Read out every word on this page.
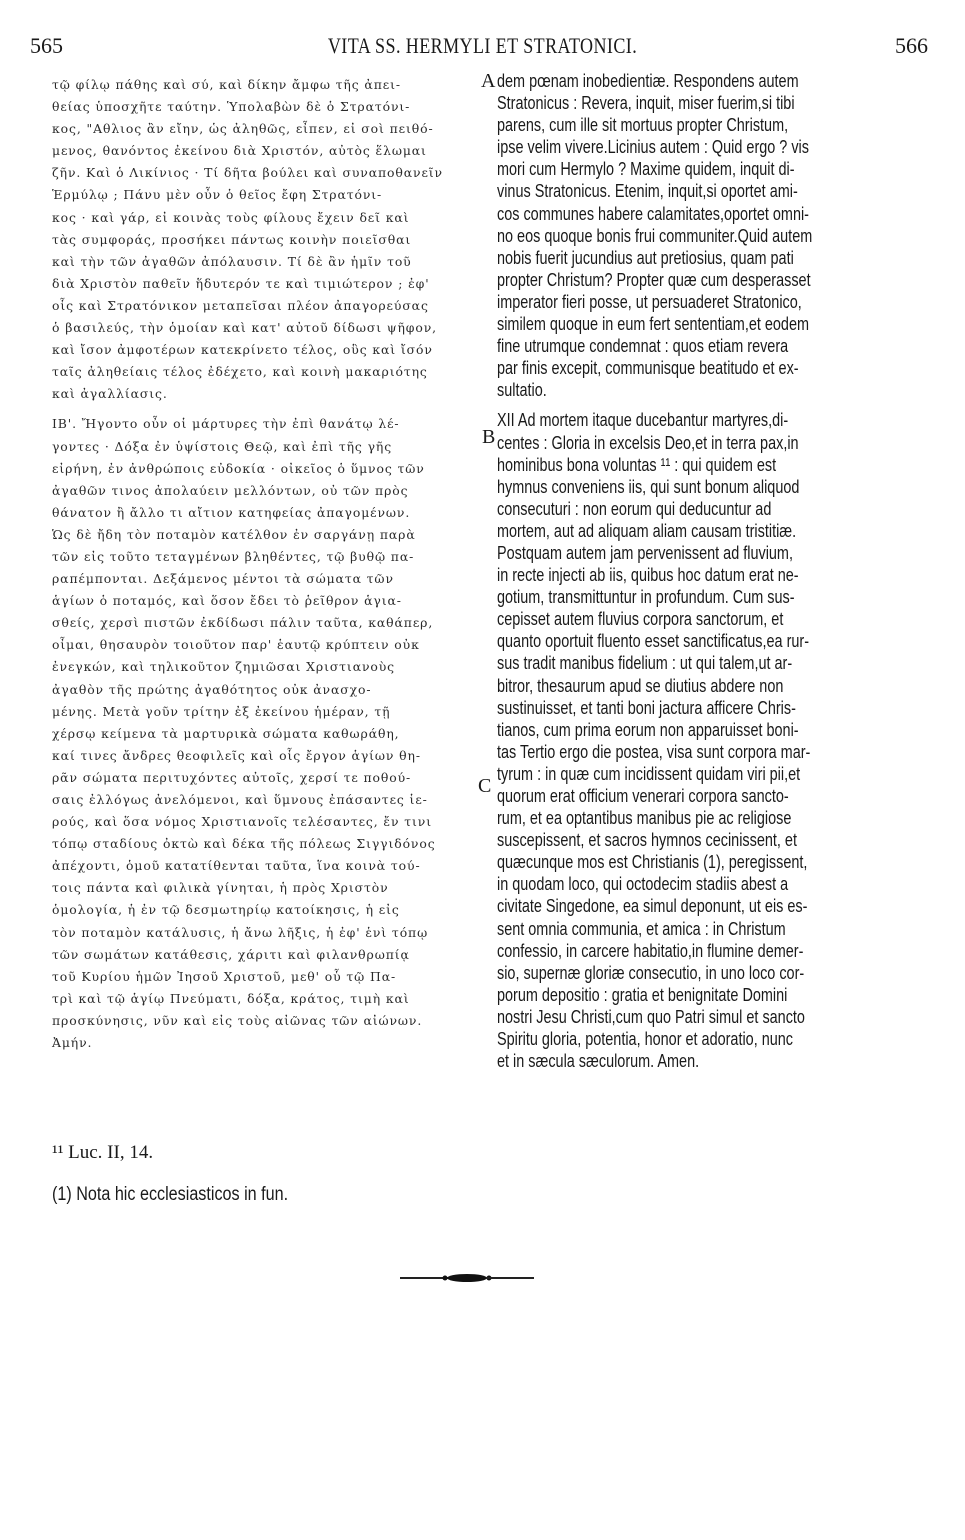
565	VITA SS. HERMYLI ET STRATONICI.	566
τῷ φίλῳ πάθης καὶ σύ, καὶ δίκην ἄμφω τῆς ἀπει-
θείας ὑποσχῆτε ταύτην. Ὑπολαβὼν δὲ ὁ Στρατόνι-
κος, "Αθλιος ἂν εἴην, ὡς ἀληθῶς, εἶπεν, εἰ σοὶ πειθό-
μενος, θανόντος ἐκείνου διὰ Χριστόν, αὐτὸς ἕλωμαι
ζῆν. Καὶ ὁ Λικίνιος · Τί δῆτα βούλει καὶ συναποθανεῖν
Ἑρμύλῳ ; Πάνυ μὲν οὖν ὁ θεῖος ἔφη Στρατόνι-
κος · καὶ γάρ, εἰ κοινὰς τοὺς φίλους ἔχειν δεῖ καὶ
τὰς συμφοράς, προσήκει πάντως κοινὴν ποιεῖσθαι
καὶ τὴν τῶν ἀγαθῶν ἀπόλαυσιν. Τί δὲ ἂν ἡμῖν τοῦ
διὰ Χριστὸν παθεῖν ἥδυτερόν τε καὶ τιμιώτερον ; ἐφ'
οἷς καὶ Στρατόνικον μεταπεῖσαι πλέον ἀπαγορεύσας
ὁ βασιλεύς, τὴν ὁμοίαν καὶ κατ' αὐτοῦ δίδωσι ψῆφον,
καὶ ἴσον ἀμφοτέρων κατεκρίνετο τέλος, οὓς καὶ ἴσόν
ταῖς ἀληθείαις τέλος ἐδέχετο, καὶ κοινὴ μακαριότης
καὶ ἀγαλλίασις.
IB'. Ἤγοντο οὖν οἱ μάρτυρες τὴν ἐπὶ θανάτῳ λέ-
γοντες · Δόξα ἐν ὑψίστοις Θεῷ, καὶ ἐπὶ τῆς γῆς
εἰρήνη, ἐν ἀνθρώποις εὐδοκία · οἰκεῖος ὁ ὕμνος τῶν
ἀγαθῶν τινος ἀπολαύειν μελλόντων, οὐ τῶν πρὸς
θάνατον ἢ ἄλλο τι αἴτιον κατηφείας ἀπαγομένων.
Ὡς δὲ ἤδη τὸν ποταμὸν κατέλθον ἐν σαργάνῃ παρὰ
τῶν εἰς τοῦτο τεταγμένων βληθέντες, τῷ βυθῷ πα-
ραπέμπονται. Δεξάμενος μέντοι τὰ σώματα τῶν
ἁγίων ὁ ποταμός, καὶ ὅσον ἔδει τὸ ῥεῖθρον ἁγια-
σθείς, χερσὶ πιστῶν ἐκδίδωσι πάλιν ταῦτα, καθάπερ,
οἶμαι, θησαυρὸν τοιοῦτον παρ' ἑαυτῷ κρύπτειν οὐκ
ἐνεγκών, καὶ τηλικοῦτον ζημιῶσαι Χριστιανοὺς
ἀγαθὸν τῆς πρώτης ἀγαθότητος οὐκ ἀνασχο-
μένης. Μετὰ γοῦν τρίτην ἐξ ἐκείνου ἡμέραν, τῇ
χέρσῳ κείμενα τὰ μαρτυρικὰ σώματα καθωράθη,
καί τινες ἄνδρες θεοφιλεῖς καὶ οἷς ἔργον ἁγίων θη-
ρᾶν σώματα περιτυχόντες αὐτοῖς, χερσί τε ποθού-
σαις ἐλλόγως ἀνελόμενοι, καὶ ὕμνους ἐπάσαντες ἱε-
ρούς, καὶ ὅσα νόμος Χριστιανοῖς τελέσαντες, ἔν τινι
τόπῳ σταδίους ὀκτὼ καὶ δέκα τῆς πόλεως Σιγγιδόνος
ἀπέχοντι, ὁμοῦ κατατίθενται ταῦτα, ἵνα κοινὰ τού-
τοις πάντα καὶ φιλικὰ γίνηται, ἡ πρὸς Χριστὸν
ὁμολογία, ἡ ἐν τῷ δεσμωτηρίῳ κατοίκησις, ἡ εἰς
τὸν ποταμὸν κατάλυσις, ἡ ἄνω λῆξις, ἡ ἐφ' ἑνὶ τόπῳ
τῶν σωμάτων κατάθεσις, χάριτι καὶ φιλανθρωπίᾳ
τοῦ Κυρίου ἡμῶν Ἰησοῦ Χριστοῦ, μεθ' οὗ τῷ Πα-
τρὶ καὶ τῷ ἁγίῳ Πνεύματι, δόξα, κράτος, τιμὴ καὶ
προσκύνησις, νῦν καὶ εἰς τοὺς αἰῶνας τῶν αἰώνων.
Ἀμήν.
dem pœnam inobedientiæ. Respondens autem
Stratonicus : Revera, inquit, miser fuerim,si tibi
parens, cum ille sit mortuus propter Christum,
ipse velim vivere.Licinius autem : Quid ergo ? vis
mori cum Hermylo ? Maxime quidem, inquit di-
vinus Stratonicus. Etenim, inquit,si oportet ami-
cos communes habere calamitates,oportet omni-
no eos quoque bonis frui communiter.Quid autem
nobis fuerit jucundius aut pretiosius, quam pati
propter Christum? Propter quæ cum desperasset
imperator fieri posse, ut persuaderet Stratonico,
similem quoque in eum fert sententiam,et eodem
fine utrumque condemnat : quos etiam revera
par finis excepit, communisque beatitudo et ex-
sultatio.
XII Ad mortem itaque ducebantur martyres,di-
centes : Gloria in excelsis Deo,et in terra pax,in
hominibus bona voluntas ¹¹ : qui quidem est
hymnus conveniens iis, qui sunt bonum aliquod
consecuturi : non eorum qui deducuntur ad
mortem, aut ad aliquam aliam causam tristitiæ.
Postquam autem jam pervenissent ad fluvium,
in recte injecti ab iis, quibus hoc datum erat ne-
gotium, transmittuntur in profundum. Cum sus-
cepisset autem fluvius corpora sanctorum, et
quanto oportuit fluento esset sanctificatus,ea rur-
sus tradit manibus fidelium : ut qui talem,ut ar-
bitror, thesaurum apud se diutius abdere non
sustinuisset, et tanti boni jactura afficere Chris-
tianos, cum prima eorum non apparuisset boni-
tas Tertio ergo die postea, visa sunt corpora mar-
tyrum : in quæ cum incidissent quidam viri pii,et
quorum erat officium venerari corpora sancto-
rum, et ea optantibus manibus pie ac religiose
suscepissent, et sacros hymnos cecinissent, et
quæcunque mos est Christianis (1), peregissent,
in quodam loco, qui octodecim stadiis abest a
civitate Singedone, ea simul deponunt, ut eis es-
sent omnia communia, et amica : in Christum
confessio, in carcere habitatio,in flumine demer-
sio, supernæ gloriæ consecutio, in uno loco cor-
porum depositio : gratia et benignitate Domini
nostri Jesu Christi,cum quo Patri simul et sancto
Spiritu gloria, potentia, honor et adoratio, nunc
et in sæcula sæculorum. Amen.
A
B
C
¹¹ Luc. II, 14.
(1) Nota hic ecclesiasticos in fun.
